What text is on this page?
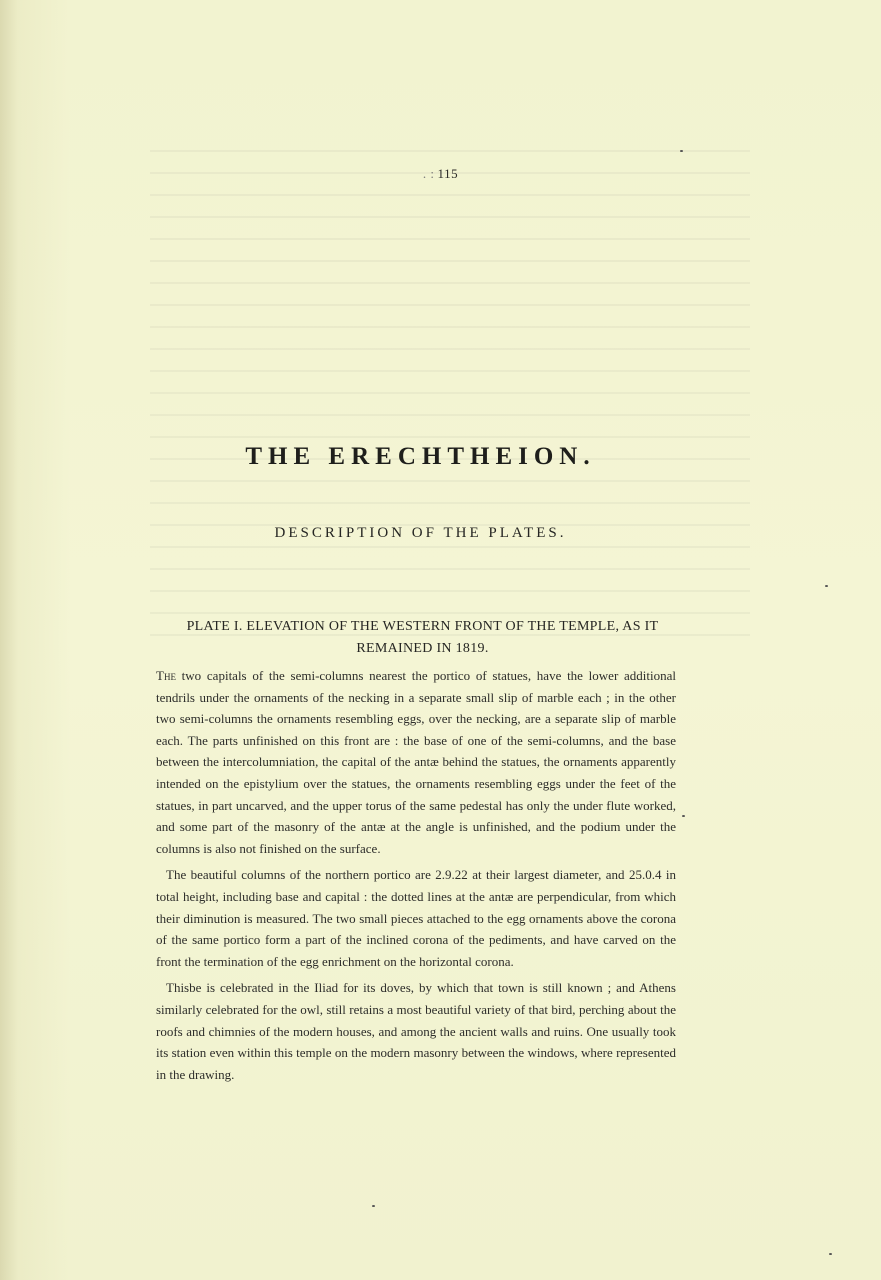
. : 115
THE ERECHTHEION.
DESCRIPTION OF THE PLATES.
PLATE I. ELEVATION OF THE WESTERN FRONT OF THE TEMPLE, AS IT REMAINED IN 1819.

The two capitals of the semi-columns nearest the portico of statues, have the lower additional tendrils under the ornaments of the necking in a separate small slip of marble each ; in the other two semi-columns the ornaments resembling eggs, over the necking, are a separate slip of marble each. The parts unfinished on this front are : the base of one of the semi-columns, and the base between the intercolumniation, the capital of the antæ behind the statues, the ornaments apparently intended on the epistylium over the statues, the ornaments resembling eggs under the feet of the statues, in part uncarved, and the upper torus of the same pedestal has only the under flute worked, and some part of the masonry of the antæ at the angle is unfinished, and the podium under the columns is also not finished on the surface.

The beautiful columns of the northern portico are 2.9.22 at their largest diameter, and 25.0.4 in total height, including base and capital : the dotted lines at the antæ are perpendicular, from which their diminution is measured. The two small pieces attached to the egg ornaments above the corona of the same portico form a part of the inclined corona of the pediments, and have carved on the front the termination of the egg enrichment on the horizontal corona.

Thisbe is celebrated in the Iliad for its doves, by which that town is still known ; and Athens similarly celebrated for the owl, still retains a most beautiful variety of that bird, perching about the roofs and chimnies of the modern houses, and among the ancient walls and ruins. One usually took its station even within this temple on the modern masonry between the windows, where represented in the drawing.
